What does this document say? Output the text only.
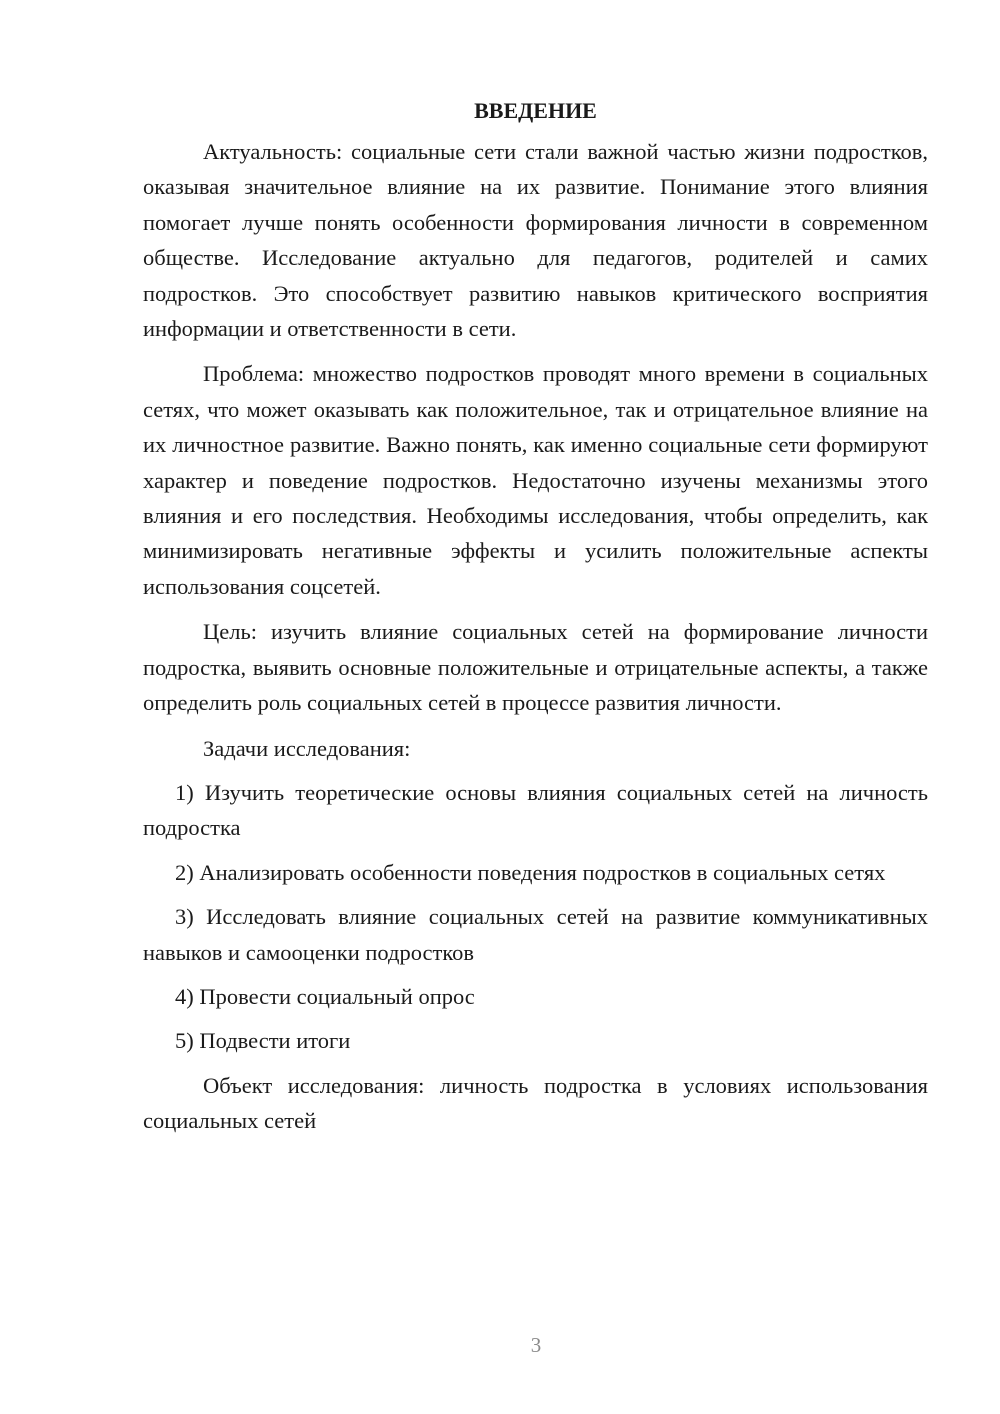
ВВЕДЕНИЕ

Актуальность: социальные сети стали важной частью жизни подростков, оказывая значительное влияние на их развитие. Понимание этого влияния помогает лучше понять особенности формирования личности в современном обществе. Исследование актуально для педагогов, родителей и самих подростков. Это способствует развитию навыков критического восприятия информации и ответственности в сети.

Проблема: множество подростков проводят много времени в социальных сетях, что может оказывать как положительное, так и отрицательное влияние на их личностное развитие. Важно понять, как именно социальные сети формируют характер и поведение подростков. Недостаточно изучены механизмы этого влияния и его последствия. Необходимы исследования, чтобы определить, как минимизировать негативные эффекты и усилить положительные аспекты использования соцсетей.

Цель: изучить влияние социальных сетей на формирование личности подростка, выявить основные положительные и отрицательные аспекты, а также определить роль социальных сетей в процессе развития личности.

Задачи исследования:

1) Изучить теоретические основы влияния социальных сетей на личность подростка

2) Анализировать особенности поведения подростков в социальных сетях

3) Исследовать влияние социальных сетей на развитие коммуникативных навыков и самооценки подростков

4) Провести социальный опрос

5) Подвести итоги

Объект исследования: личность подростка в условиях использования социальных сетей

3
